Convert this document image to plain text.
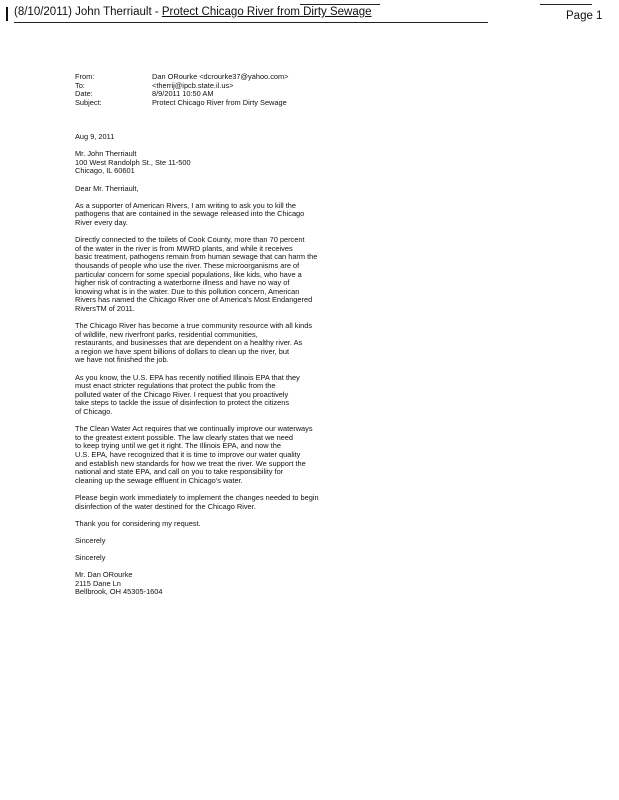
(8/10/2011) John Therriault - Protect Chicago River from Dirty Sewage	Page 1
From:	Dan ORourke <dcrourke37@yahoo.com>
To:	<therrij@ipcb.state.il.us>
Date:	8/9/2011 10:50 AM
Subject:	Protect Chicago River from Dirty Sewage

Aug 9, 2011

Mr. John Therriault
100 West Randolph St., Ste 11-500
Chicago, IL 60601

Dear Mr. Therriault,

As a supporter of American Rivers, I am writing to ask you to kill the
pathogens that are contained in the sewage released into the Chicago
River every day.

Directly connected to the toilets of Cook County, more than 70 percent
of the water in the river is from MWRD plants, and while it receives
basic treatment, pathogens remain from human sewage that can harm the
thousands of people who use the river. These microorganisms are of
particular concern for some special populations, like kids, who have a
higher risk of contracting a waterborne illness and have no way of
knowing what is in the water. Due to this pollution concern, American
Rivers has named the Chicago River one of America's Most Endangered
RiversTM of 2011.

The Chicago River has become a true community resource with all kinds
of wildlife, new riverfront parks, residential communities,
restaurants, and businesses that are dependent on a healthy river. As
a region we have spent billions of dollars to clean up the river, but
we have not finished the job.

As you know, the U.S. EPA has recently notified Illinois EPA that they
must enact stricter regulations that protect the public from the
polluted water of the Chicago River. I request that you proactively
take steps to tackle the issue of disinfection to protect the citizens
of Chicago.

The Clean Water Act requires that we continually improve our waterways
to the greatest extent possible. The law clearly states that we need
to keep trying until we get it right. The Illinois EPA, and now the
U.S. EPA, have recognized that it is time to improve our water quality
and establish new standards for how we treat the river. We support the
national and state EPA, and call on you to take responsibility for
cleaning up the sewage effluent in Chicago's water.

Please begin work immediately to implement the changes needed to begin
disinfection of the water destined for the Chicago River.

Thank you for considering my request.

Sincerely

Sincerely

Mr. Dan ORourke
2115 Dane Ln
Bellbrook, OH 45305-1604
